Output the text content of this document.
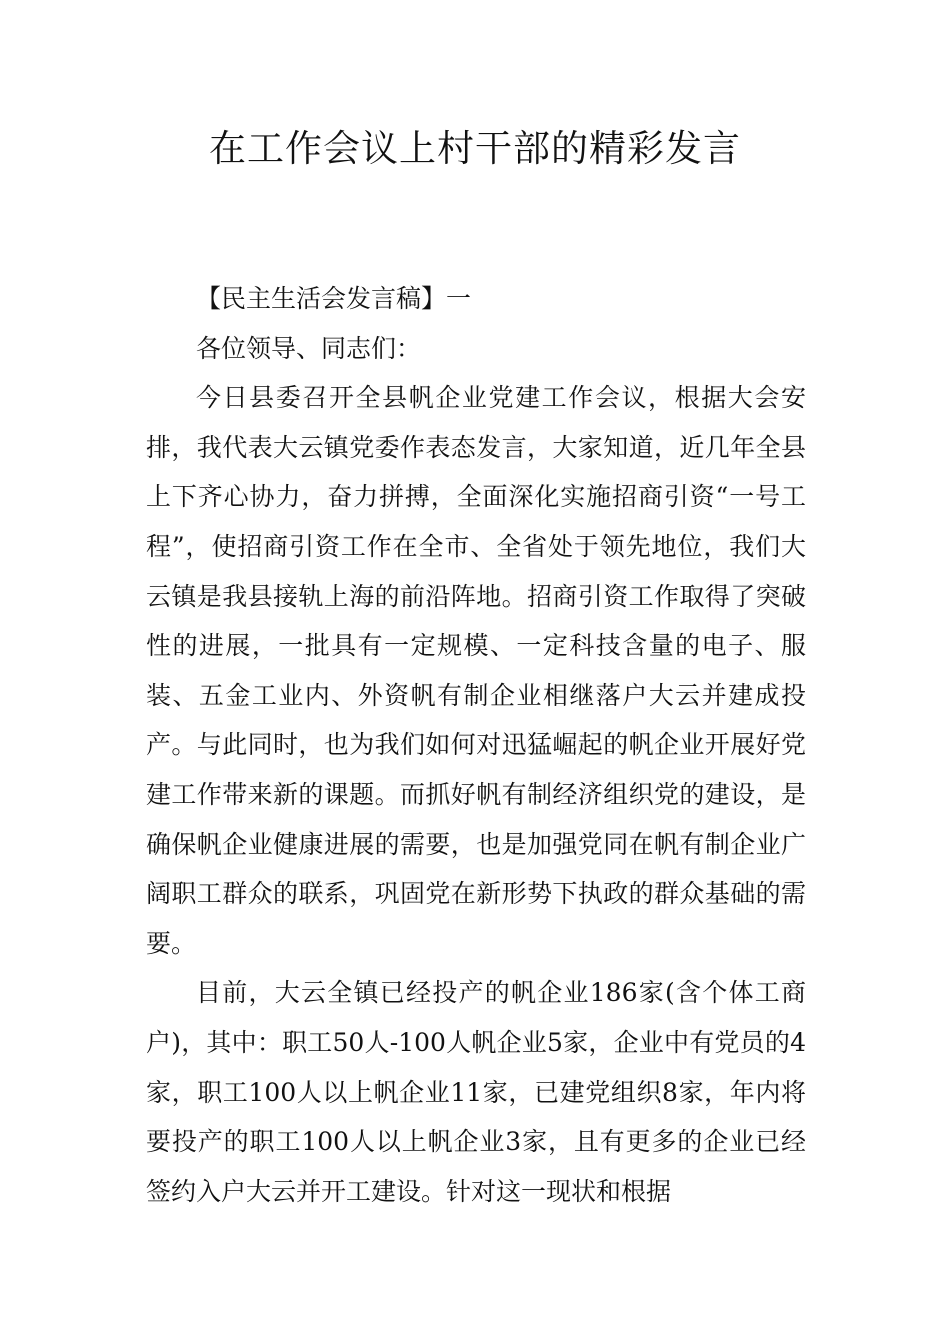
在工作会议上村干部的精彩发言

【民主生活会发言稿】一

各位领导、同志们：

今日县委召开全县帆企业党建工作会议，根据大会安排，我代表大云镇党委作表态发言，大家知道，近几年全县上下齐心协力，奋力拼搏，全面深化实施招商引资“一号工程”，使招商引资工作在全市、全省处于领先地位，我们大云镇是我县接轨上海的前沿阵地。招商引资工作取得了突破性的进展，一批具有一定规模、一定科技含量的电子、服装、五金工业内、外资帆有制企业相继落户大云并建成投产。与此同时，也为我们如何对迅猛崛起的帆企业开展好党建工作带来新的课题。而抓好帆有制经济组织党的建设，是确保帆企业健康进展的需要，也是加强党同在帆有制企业广阔职工群众的联系，巩固党在新形势下执政的群众基础的需要。

目前，大云全镇已经投产的帆企业186家(含个体工商户)，其中：职工50人-100人帆企业5家，企业中有党员的4家，职工100人以上帆企业11家，已建党组织8家，年内将要投产的职工100人以上帆企业3家，且有更多的企业已经签约入户大云并开工建设。针对这一现状和根据
